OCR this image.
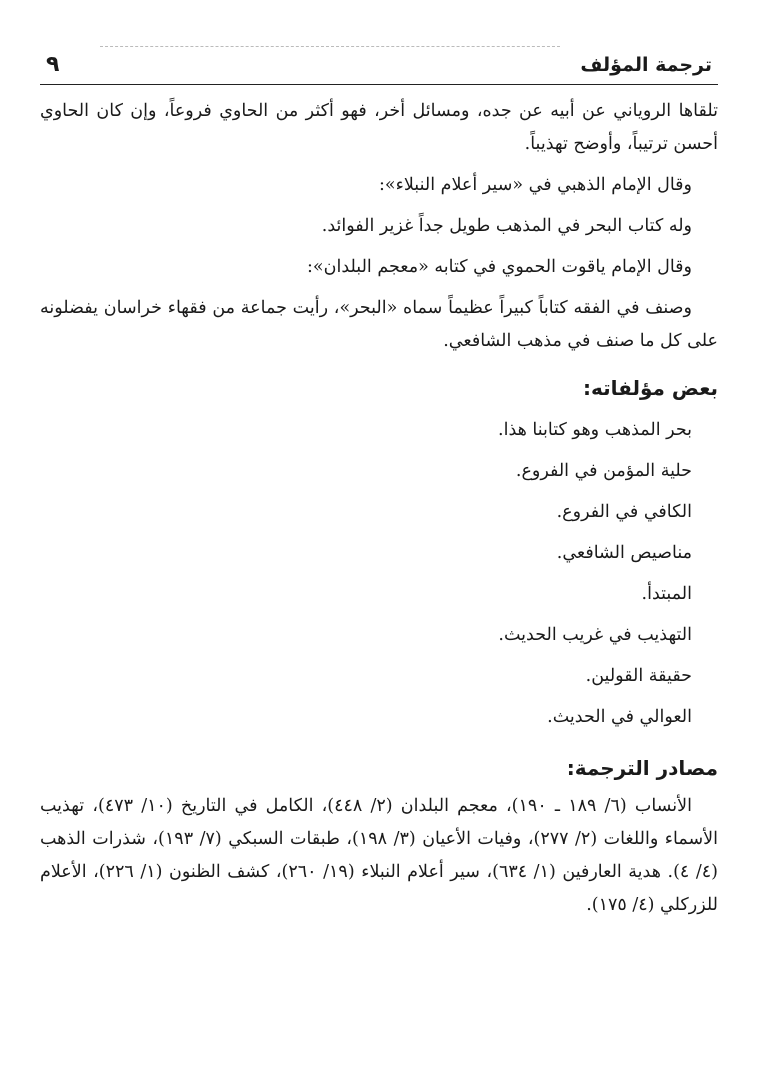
ترجمة المؤلف
٩

تلقاها الروياني عن أبيه عن جده، ومسائل أخر، فهو أكثر من الحاوي فروعاً، وإن كان الحاوي أحسن ترتيباً، وأوضح تهذيباً.

وقال الإمام الذهبي في «سير أعلام النبلاء»:

وله كتاب البحر في المذهب طويل جداً غزير الفوائد.

وقال الإمام ياقوت الحموي في كتابه «معجم البلدان»:

وصنف في الفقه كتاباً كبيراً عظيماً سماه «البحر»، رأيت جماعة من فقهاء خراسان يفضلونه على كل ما صنف في مذهب الشافعي.

بعض مؤلفاته:
بحر المذهب وهو كتابنا هذا.
حلية المؤمن في الفروع.
الكافي في الفروع.
مناصيص الشافعي.
المبتدأ.
التهذيب في غريب الحديث.
حقيقة القولين.
العوالي في الحديث.
مصادر الترجمة:

الأنساب (٦/ ١٨٩ ـ ١٩٠)، معجم البلدان (٢/ ٤٤٨)، الكامل في التاريخ (١٠/ ٤٧٣)، تهذيب الأسماء واللغات (٢/ ٢٧٧)، وفيات الأعيان (٣/ ١٩٨)، طبقات السبكي (٧/ ١٩٣)، شذرات الذهب (٤/ ٤). هدية العارفين (١/ ٦٣٤)، سير أعلام النبلاء (١٩/ ٢٦٠)، كشف الظنون (١/ ٢٢٦)، الأعلام للزركلي (٤/ ١٧٥).
